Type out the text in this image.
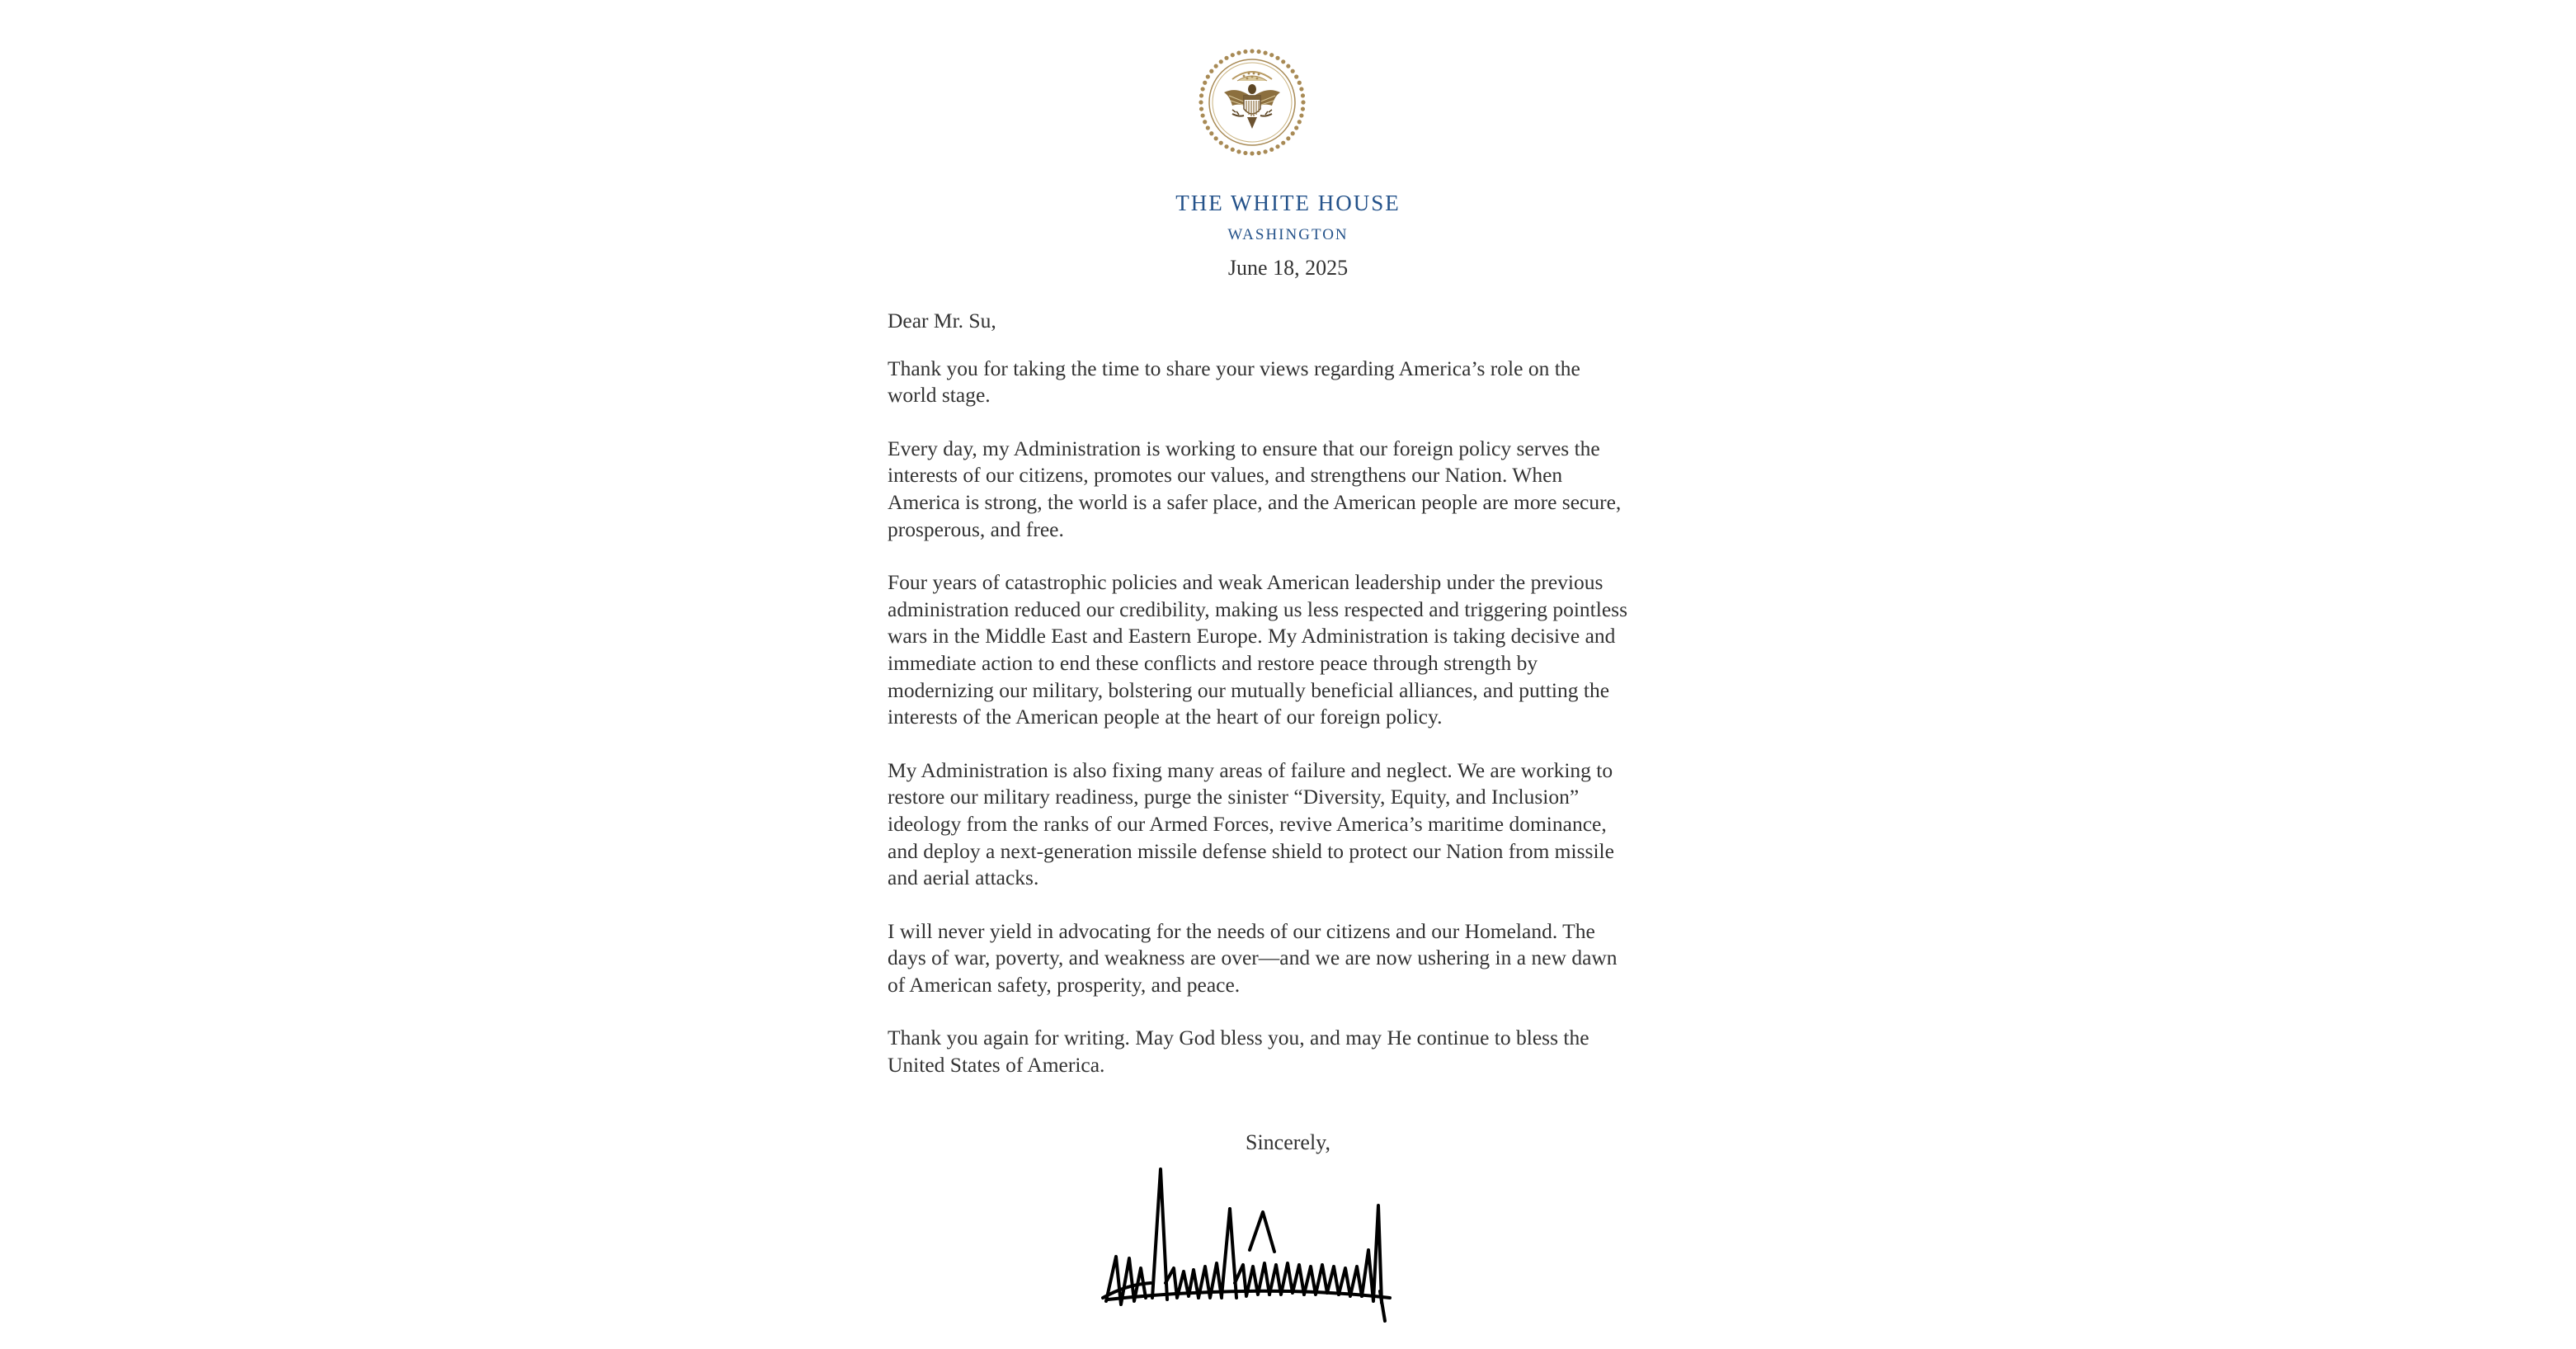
THE WHITE HOUSE
WASHINGTON
June 18, 2025

Dear Mr. Su,

Thank you for taking the time to share your views regarding America’s role on the world stage.

Every day, my Administration is working to ensure that our foreign policy serves the interests of our citizens, promotes our values, and strengthens our Nation. When America is strong, the world is a safer place, and the American people are more secure, prosperous, and free.

Four years of catastrophic policies and weak American leadership under the previous administration reduced our credibility, making us less respected and triggering pointless wars in the Middle East and Eastern Europe. My Administration is taking decisive and immediate action to end these conflicts and restore peace through strength by modernizing our military, bolstering our mutually beneficial alliances, and putting the interests of the American people at the heart of our foreign policy.

My Administration is also fixing many areas of failure and neglect. We are working to restore our military readiness, purge the sinister “Diversity, Equity, and Inclusion” ideology from the ranks of our Armed Forces, revive America’s maritime dominance, and deploy a next-generation missile defense shield to protect our Nation from missile and aerial attacks.

I will never yield in advocating for the needs of our citizens and our Homeland. The days of war, poverty, and weakness are over—and we are now ushering in a new dawn of American safety, prosperity, and peace.

Thank you again for writing. May God bless you, and may He continue to bless the United States of America.

Sincerely,
